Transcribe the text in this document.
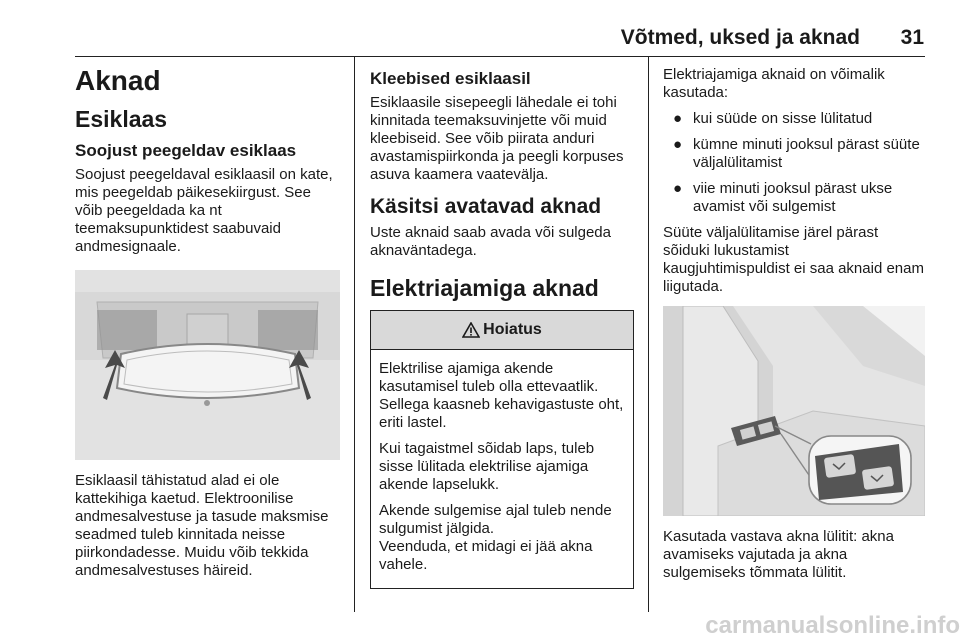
Võtmed, uksed ja aknad	31
Aknad
Esiklaas
Soojust peegeldav esiklaas
Soojust peegeldaval esiklaasil on kate, mis peegeldab päikesekiirgust. See võib peegeldada ka nt teemaksupunktidest saabuvaid andmesignaale.
Esiklaasil tähistatud alad ei ole kattekihiga kaetud. Elektroonilise andmesalvestuse ja tasude maksmise seadmed tuleb kinnitada neisse piirkondadesse. Muidu võib tekkida andmesalvestuses häireid.
Kleebised esiklaasil
Esiklaasile sisepeegli lähedale ei tohi kinnitada teemaksuvinjette või muid kleebiseid. See võib piirata anduri avastamispiirkonda ja peegli korpuses asuva kaamera vaatevälja.
Käsitsi avatavad aknad
Uste aknaid saab avada või sulgeda aknaväntadega.
Elektriajamiga aknad
Hoiatus
Elektrilise ajamiga akende kasutamisel tuleb olla ettevaatlik. Sellega kaasneb kehavigastuste oht, eriti lastel.
Kui tagaistmel sõidab laps, tuleb sisse lülitada elektrilise ajamiga akende lapselukk.
Akende sulgemise ajal tuleb nende sulgumist jälgida.
Veenduda, et midagi ei jää akna vahele.
Elektriajamiga aknaid on võimalik kasutada:
● kui süüde on sisse lülitatud
● kümne minuti jooksul pärast süüte väljalülitamist
● viie minuti jooksul pärast ukse avamist või sulgemist
Süüte väljalülitamise järel pärast sõiduki lukustamist
kaugjuhtimispuldist ei saa aknaid enam liigutada.
Kasutada vastava akna lülitit: akna avamiseks vajutada ja akna sulgemiseks tõmmata lülitit.
carmanualsonline.info
